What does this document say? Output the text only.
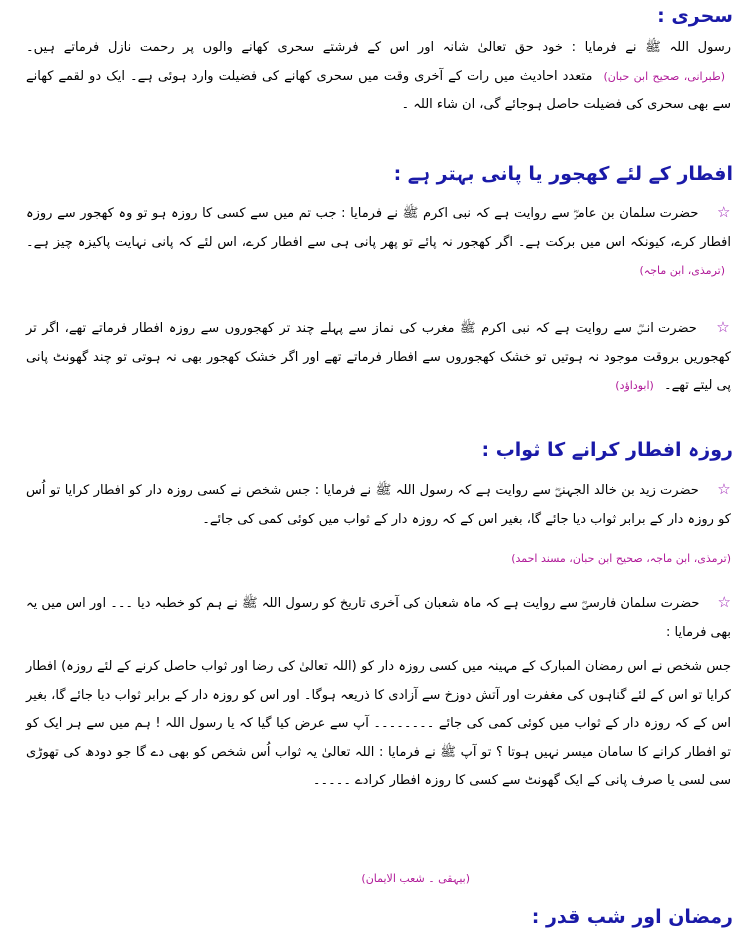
سحری :
رسول اللہ ﷺ نے فرمایا : خود حق تعالیٰ شانہ اور اس کے فرشتے سحری کھانے والوں پر رحمت نازل فرماتے ہیں۔ (طبرانی، صحیح ابن حبان) متعدد احادیث میں رات کے آخری وقت میں سحری کھانے کی فضیلت وارد ہوئی ہے۔ ایک دو لقمے کھانے سے بھی سحری کی فضیلت حاصل ہوجائے گی، ان شاء اللہ ۔
افطار کے لئے کھجور یا پانی بہتر ہے :
☆ حضرت سلمان بن عامرؓ سے روایت ہے کہ نبی اکرم ﷺ نے فرمایا : جب تم میں سے کسی کا روزہ ہو تو وہ کھجور سے روزہ افطار کرے، کیونکہ اس میں برکت ہے۔ اگر کھجور نہ پائے تو پھر پانی ہی سے افطار کرے، اس لئے کہ پانی نہایت پاکیزہ چیز ہے۔ (ترمذی، ابن ماجہ)
☆ حضرت انسؓ سے روایت ہے کہ نبی اکرم ﷺ مغرب کی نماز سے پہلے چند تر کھجوروں سے روزہ افطار فرماتے تھے، اگر تر کھجوریں بروقت موجود نہ ہوتیں تو خشک کھجوروں سے افطار فرماتے تھے اور اگر خشک کھجور بھی نہ ہوتی تو چند گھونٹ پانی پی لیتے تھے۔ (ابوداؤد)
روزہ افطار کرانے کا ثواب :
☆ حضرت زید بن خالد الجہنیؓ سے روایت ہے کہ رسول اللہ ﷺ نے فرمایا : جس شخص نے کسی روزہ دار کو افطار کرایا تو اُس کو روزہ دار کے برابر ثواب دیا جائے گا، بغیر اس کے کہ روزہ دار کے ثواب میں کوئی کمی کی جائے۔
(ترمذی، ابن ماجہ، صحیح ابن حبان، مسند احمد)
☆ حضرت سلمان فارسیؓ سے روایت ہے کہ ماہ شعبان کی آخری تاریخ کو رسول اللہ ﷺ نے ہم کو خطبہ دیا ۔۔۔ اور اس میں یہ بھی فرمایا :
جس شخص نے اس رمضان المبارک کے مہینہ میں کسی روزہ دار کو (اللہ تعالیٰ کی رضا اور ثواب حاصل کرنے کے لئے روزہ) افطار کرایا تو اس کے لئے گناہوں کی مغفرت اور آتش دوزخ سے آزادی کا ذریعہ ہوگا۔ اور اس کو روزہ دار کے برابر ثواب دیا جائے گا، بغیر اس کے کہ روزہ دار کے ثواب میں کوئی کمی کی جائے ۔۔۔۔۔۔۔۔ آپ سے عرض کیا گیا کہ یا رسول اللہ ! ہم میں سے ہر ایک کو تو افطار کرانے کا سامان میسر نہیں ہوتا ؟ تو آپ ﷺ نے فرمایا : اللہ تعالیٰ یہ ثواب اُس شخص کو بھی دے گا جو دودھ کی تھوڑی سی لسی یا صرف پانی کے ایک گھونٹ سے کسی کا روزہ افطار کرادے ۔۔۔۔۔
(بیہقی ۔ شعب الایمان)
رمضان اور شب قدر :
